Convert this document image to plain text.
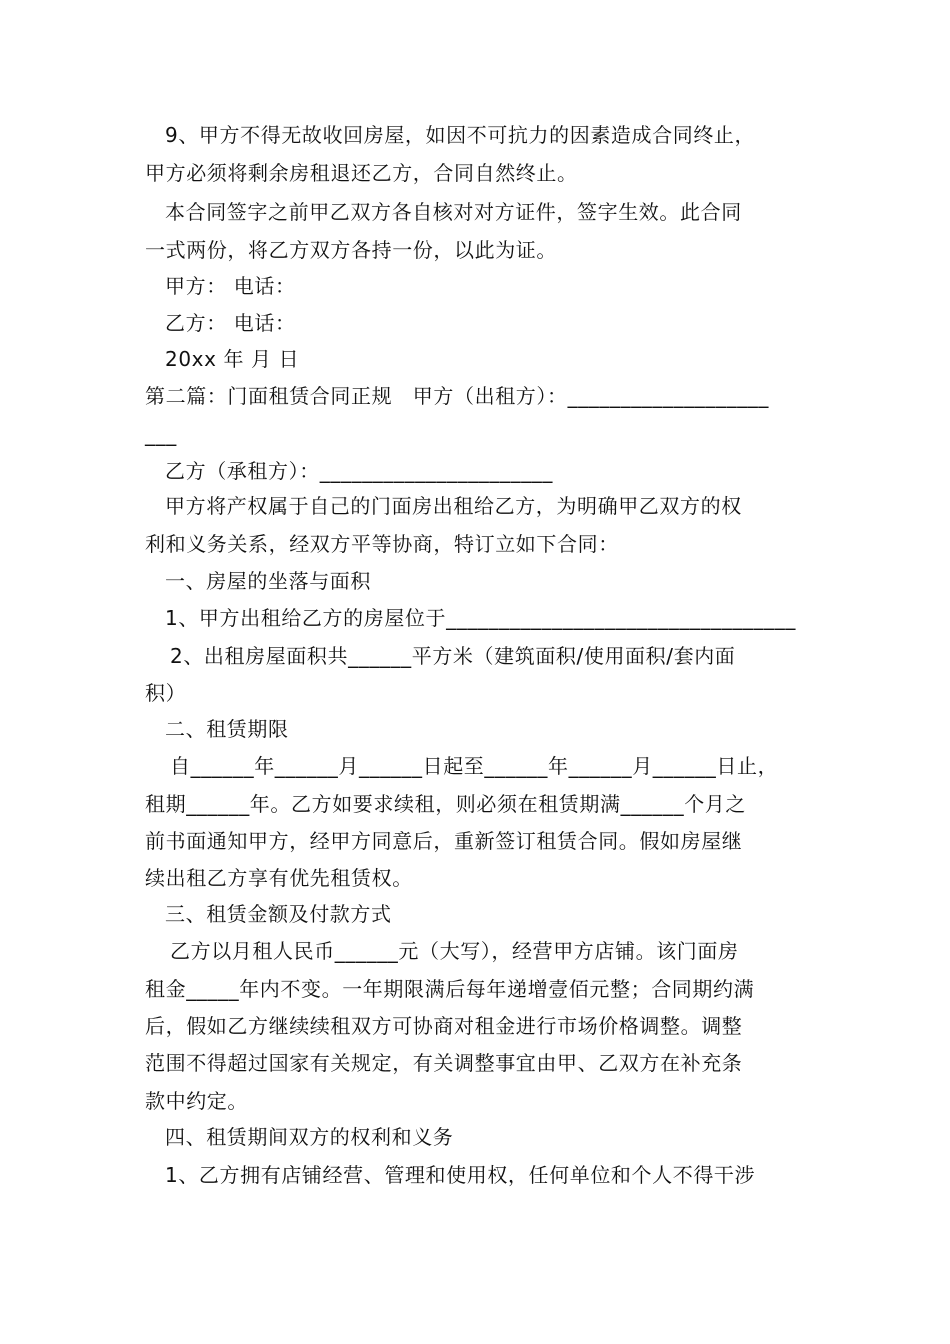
9、甲方不得无故收回房屋，如因不可抗力的因素造成合同终止，
甲方必须将剩余房租退还乙方，合同自然终止。
本合同签字之前甲乙双方各自核对对方证件，签字生效。此合同
一式两份，将乙方双方各持一份，以此为证。
甲方： 电话：
乙方： 电话：
20xx 年 月 日
第二篇：门面租赁合同正规　甲方（出租方）：___________________
___
乙方（承租方）：______________________
甲方将产权属于自己的门面房出租给乙方，为明确甲乙双方的权
利和义务关系，经双方平等协商，特订立如下合同：
一、房屋的坐落与面积
1、甲方出租给乙方的房屋位于_________________________________
2、出租房屋面积共______平方米（建筑面积/使用面积/套内面
积）
二、租赁期限
自______年______月______日起至______年______月______日止，
租期______年。乙方如要求续租，则必须在租赁期满______个月之
前书面通知甲方，经甲方同意后，重新签订租赁合同。假如房屋继
续出租乙方享有优先租赁权。
三、租赁金额及付款方式
乙方以月租人民币______元（大写），经营甲方店铺。该门面房
租金_____年内不变。一年期限满后每年递增壹佰元整；合同期约满
后，假如乙方继续续租双方可协商对租金进行市场价格调整。调整
范围不得超过国家有关规定，有关调整事宜由甲、乙双方在补充条
款中约定。
四、租赁期间双方的权利和义务
1、乙方拥有店铺经营、管理和使用权，任何单位和个人不得干涉
